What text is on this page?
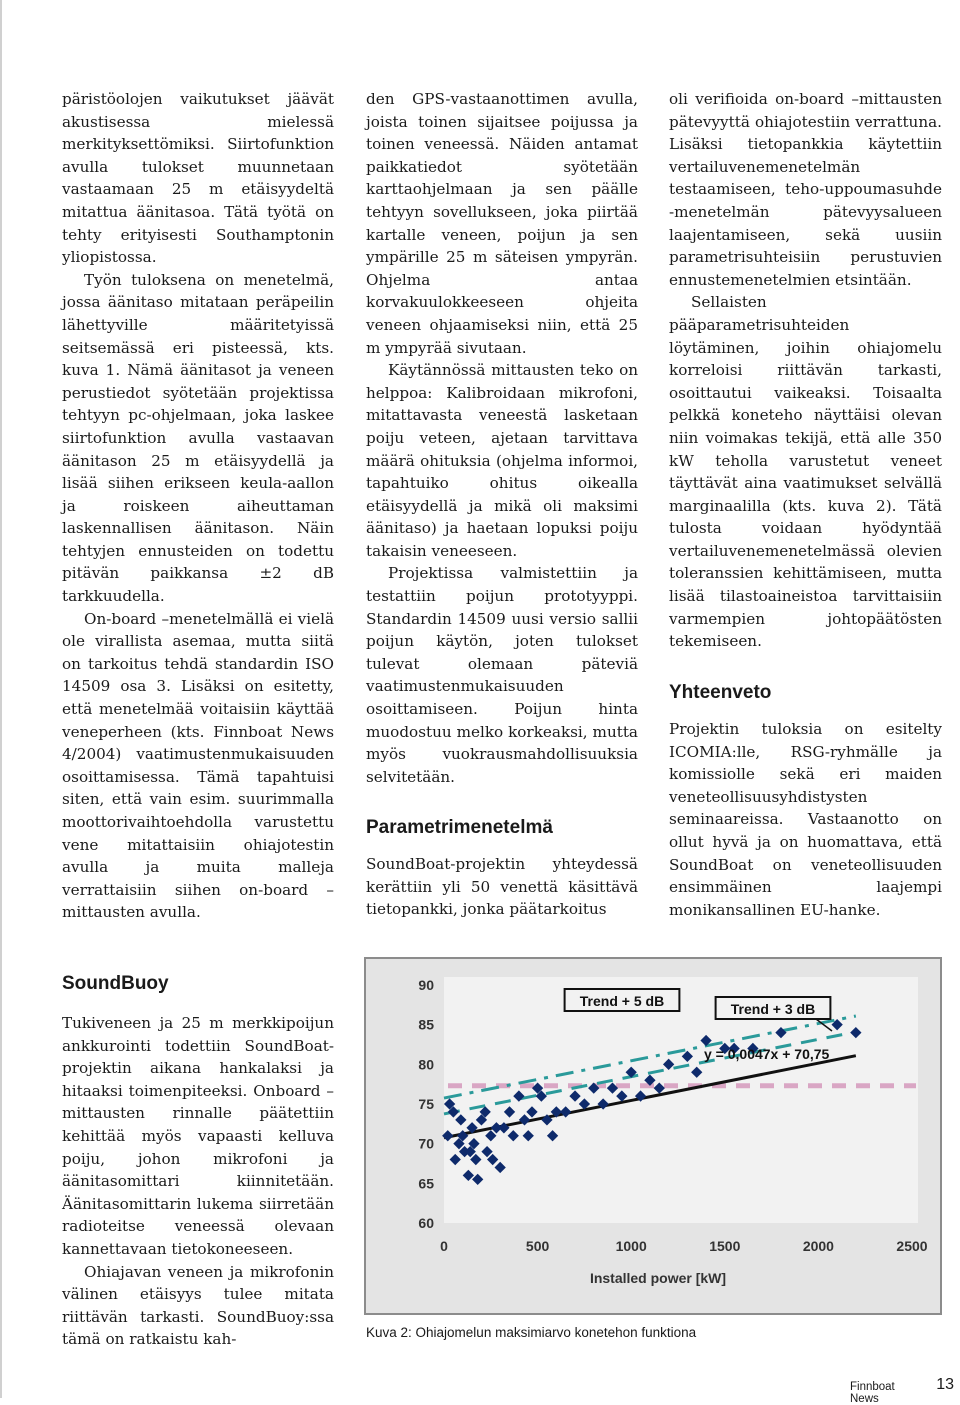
päristöolojen vaikutukset jäävät akustisessa mielessä merkityksettömiksi. Siirtofunktion avulla tulokset muunnetaan vastaamaan 25 m etäisyydeltä mitattua äänitasoa. Tätä työtä on tehty erityisesti Southamptonin yliopistossa.

Työn tuloksena on menetelmä, jossa äänitaso mitataan peräpeilin lähettyville määritetyissä seitsemässä eri pisteessä, kts. kuva 1. Nämä äänitasot ja veneen perustiedot syötetään projektissa tehtyyn pc-ohjelmaan, joka laskee siirtofunktion avulla vastaavan äänitason 25 m etäisyydellä ja lisää siihen erikseen keula-aallon ja roiskeen aiheuttaman laskennallisen äänitason. Näin tehtyjen ennusteiden on todettu pitävän paikkansa ±2 dB tarkkuudella.

On-board –menetelmällä ei vielä ole virallista asemaa, mutta siitä on tarkoitus tehdä standardin ISO 14509 osa 3. Lisäksi on esitetty, että menetelmää voitaisiin käyttää veneperheen (kts. Finnboat News 4/2004) vaatimustenmukaisuuden osoittamisessa. Tämä tapahtuisi siten, että vain esim. suurimmalla moottorivaihtoehdolla varustettu vene mitattaisiin ohiajotestin avulla ja muita malleja verrattaisiin siihen on-board –mittausten avulla.

SoundBuoy

Tukiveneen ja 25 m merkkipoijun ankkurointi todettiin SoundBoat-projektin aikana hankalaksi ja hitaaksi toimenpiteeksi. Onboard –mittausten rinnalle päätettiin kehittää myös vapaasti kelluva poiju, johon mikrofoni ja äänitasomittari kiinnitetään. Äänitasomittarin lukema siirretään radioteitse veneessä olevaan kannettavaan tietokoneeseen.

Ohiajavan veneen ja mikrofonin välinen etäisyys tulee mitata riittävän tarkasti. SoundBuoy:ssa tämä on ratkaistu kah-

den GPS-vastaanottimen avulla, joista toinen sijaitsee poijussa ja toinen veneessä. Näiden antamat paikkatiedot syötetään karttaohjelmaan ja sen päälle tehtyyn sovellukseen, joka piirtää kartalle veneen, poijun ja sen ympärille 25 m säteisen ympyrän. Ohjelma antaa korvakuulokkeeseen ohjeita veneen ohjaamiseksi niin, että 25 m ympyrää sivutaan.

Käytännössä mittausten teko on helppoa: Kalibroidaan mikrofoni, mitattavasta veneestä lasketaan poiju veteen, ajetaan tarvittava määrä ohituksia (ohjelma informoi, tapahtuiko ohitus oikealla etäisyydellä ja mikä oli maksimi äänitaso) ja haetaan lopuksi poiju takaisin veneeseen.

Projektissa valmistettiin ja testattiin poijun prototyyppi. Standardin 14509 uusi versio sallii poijun käytön, joten tulokset tulevat olemaan päteviä vaatimustenmukaisuuden osoittamiseen. Poijun hinta muodostuu melko korkeaksi, mutta myös vuokrausmahdollisuuksia selvitetään.

Parametrimenetelmä

SoundBoat-projektin yhteydessä kerättiin yli 50 venettä käsittävä tietopankki, jonka päätarkoitus

oli verifioida on-board –mittausten pätevyyttä ohiajotestiin verrattuna. Lisäksi tietopankkia käytettiin vertailuvenemenetelmän testaamiseen, teho-uppoumasuhde -menetelmän pätevyysalueen laajentamiseen, sekä uusiin parametrisuhteisiin perustuvien ennustemenetelmien etsintään.

Sellaisten pääparametrisuhteiden löytäminen, joihin ohiajomelu korreloisi riittävän tarkasti, osoittautui vaikeaksi. Toisaalta pelkkä koneteho näyttäisi olevan niin voimakas tekijä, että alle 350 kW teholla varustetut veneet täyttävät aina vaatimukset selvällä marginaalilla (kts. kuva 2). Tätä tulosta voidaan hyödyntää vertailuvenemenetelmässä olevien toleranssien kehittämiseen, mutta lisää tilastoaineistoa tarvittaisiin varmempien johtopäätösten tekemiseen.

Yhteenveto

Projektin tuloksia on esitelty ICOMIA:lle, RSG-ryhmälle ja komissiolle sekä eri maiden veneteollisuusyhdistysten seminaareissa. Vastaanotto on ollut hyvä ja on huomattava, että SoundBoat on veneteollisuuden ensimmäinen laajempi monikansallinen EU-hanke.

60
65
70
75
80
85
90
0	500	1000	1500	2000	2500
Installed power [kW]
Trend + 5 dB	Trend + 3 dB
y = 0,0047x + 70,75
Kuva 2: Ohiajomelun maksimiarvo konetehon funktiona
Finnboat News
13
